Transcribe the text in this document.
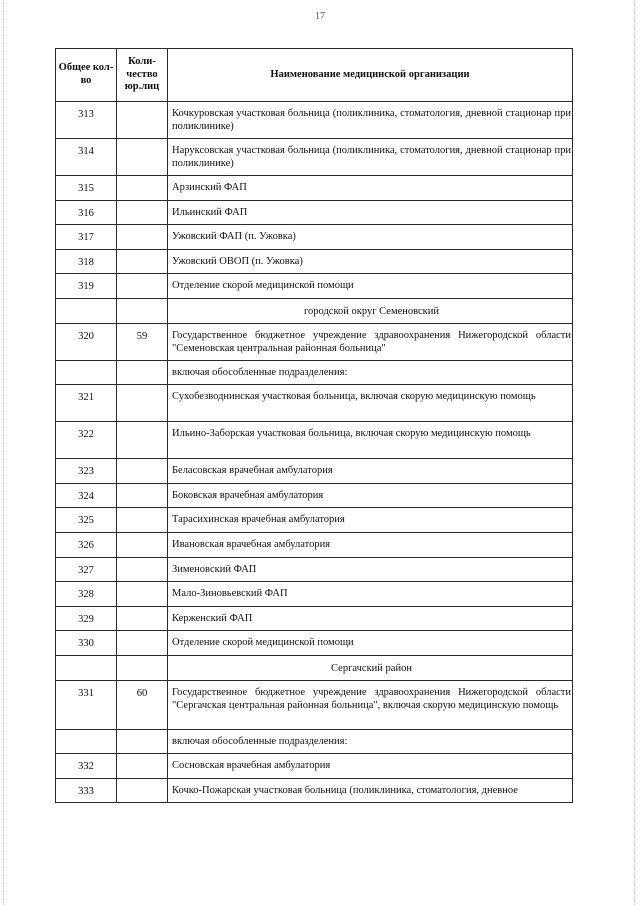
17
Общее кол-во	Коли-чество юр.лиц	Наименование медицинской организации

313		Кочкуровская участковая больница (поликлиника, стоматология, дневной стационар при поликлинике)

314		Наруксовская участковая больница (поликлиника, стоматология, дневной стационар при поликлинике)

315		Арзинский ФАП

316		Ильинский ФАП

317		Ужовский ФАП (п. Ужовка)

318		Ужовский ОВОП (п. Ужовка)

319		Отделение скорой медицинской помощи

		городской округ Семеновский

320	59	Государственное бюджетное учреждение здравоохранения Нижегородской области "Семеновская центральная районная больница"

		включая обособленные подразделения:

321		Сухобезводнинская участковая больница, включая скорую медицинскую помощь

322		Ильино-Заборская участковая больница, включая скорую медицинскую помощь

323		Беласовская врачебная амбулатория

324		Боковская врачебная амбулатория

325		Тарасихинская врачебная амбулатория

326		Ивановская врачебная амбулатория

327		Зименовский ФАП

328		Мало-Зиновьевский ФАП

329		Керженский ФАП

330		Отделение скорой медицинской помощи

		Сергачский район

331	60	Государственное бюджетное учреждение здравоохранения Нижегородской области "Сергачская центральная районная больница", включая скорую медицинскую помощь

		включая обособленные подразделения:

332		Сосновская врачебная амбулатория

333		Кочко-Пожарская участковая больница (поликлиника, стоматология, дневное
